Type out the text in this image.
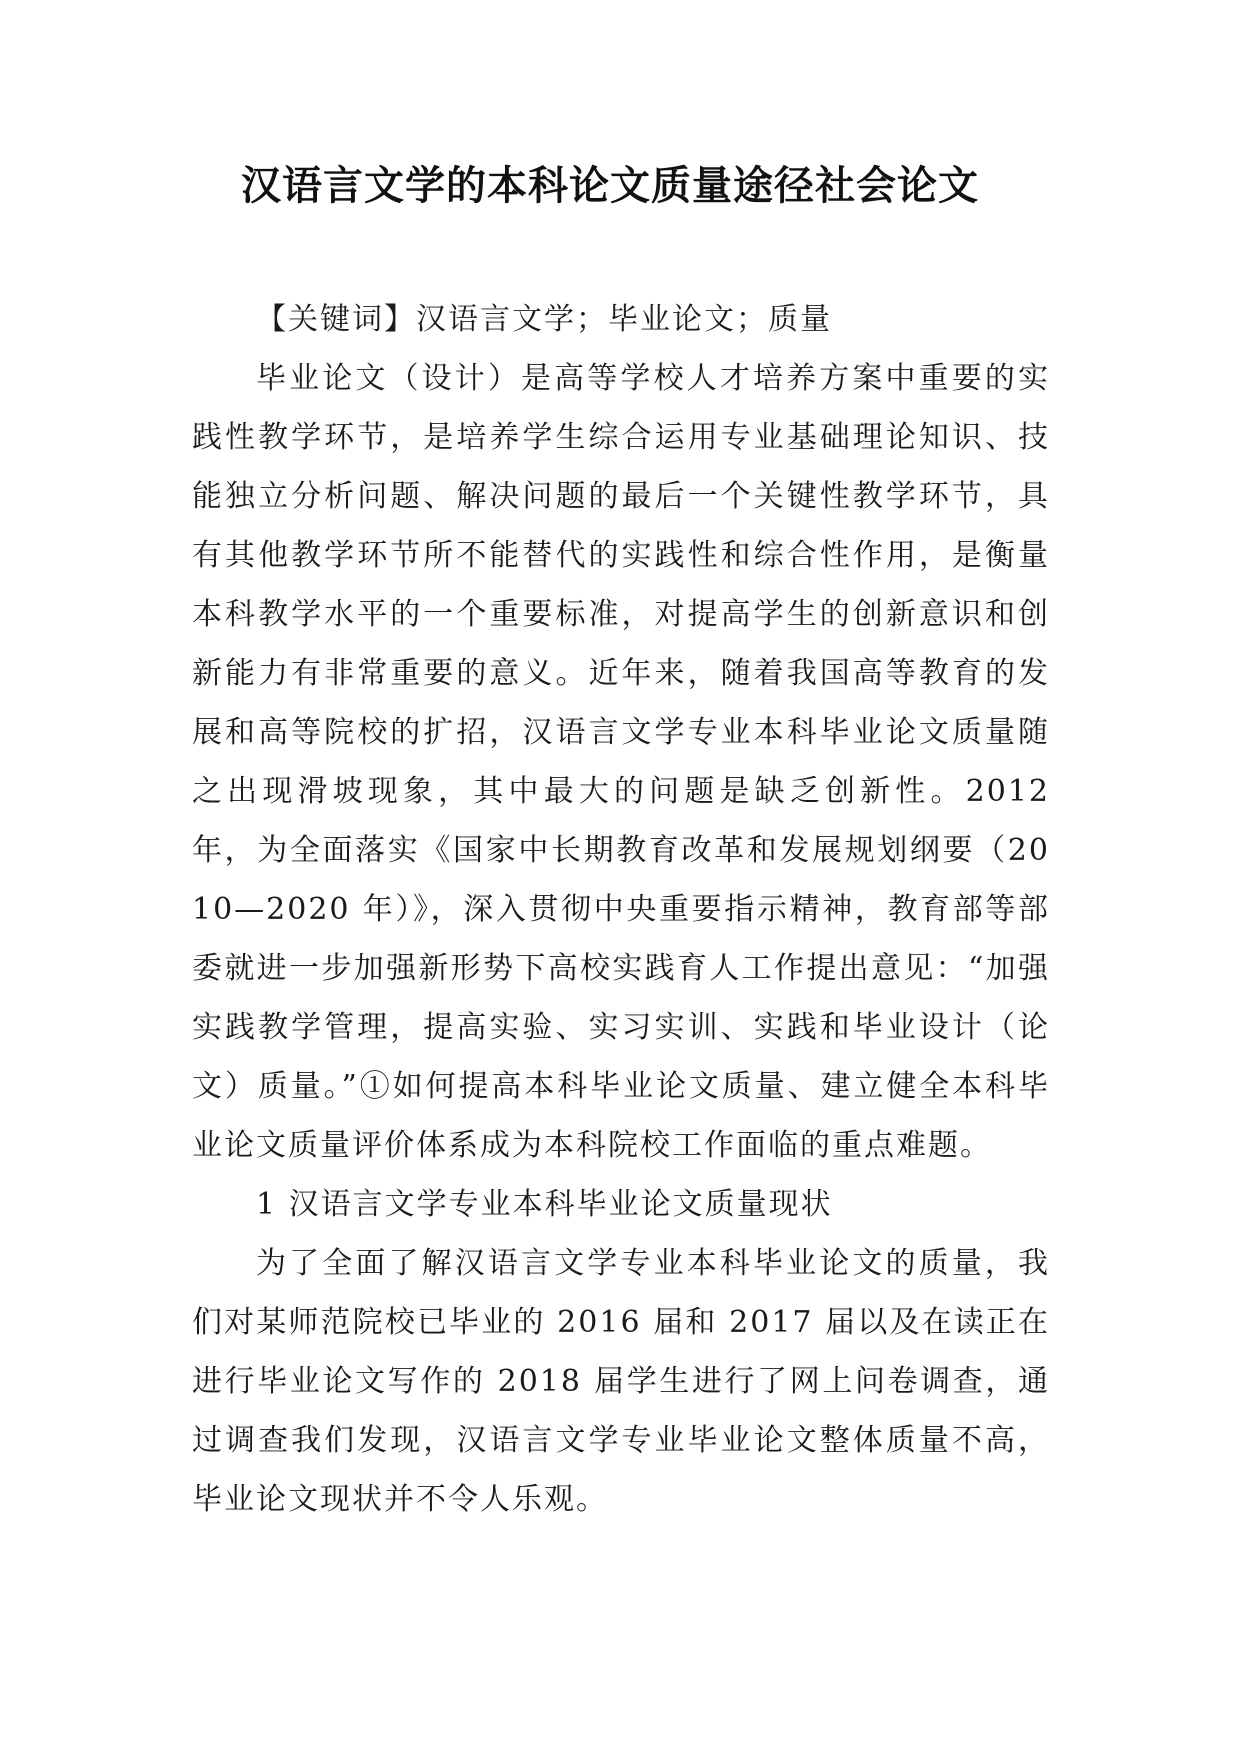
汉语言文学的本科论文质量途径社会论文

【关键词】汉语言文学；毕业论文；质量

毕业论文（设计）是高等学校人才培养方案中重要的实践性教学环节，是培养学生综合运用专业基础理论知识、技能独立分析问题、解决问题的最后一个关键性教学环节，具有其他教学环节所不能替代的实践性和综合性作用，是衡量本科教学水平的一个重要标准，对提高学生的创新意识和创新能力有非常重要的意义。近年来，随着我国高等教育的发展和高等院校的扩招，汉语言文学专业本科毕业论文质量随之出现滑坡现象，其中最大的问题是缺乏创新性。2012 年，为全面落实《国家中长期教育改革和发展规划纲要（2010—2020 年）》，深入贯彻中央重要指示精神，教育部等部委就进一步加强新形势下高校实践育人工作提出意见：“加强实践教学管理，提高实验、实习实训、实践和毕业设计（论文）质量。”①如何提高本科毕业论文质量、建立健全本科毕业论文质量评价体系成为本科院校工作面临的重点难题。

1 汉语言文学专业本科毕业论文质量现状

为了全面了解汉语言文学专业本科毕业论文的质量，我们对某师范院校已毕业的 2016 届和 2017 届以及在读正在进行毕业论文写作的 2018 届学生进行了网上问卷调查，通过调查我们发现，汉语言文学专业毕业论文整体质量不高，毕业论文现状并不令人乐观。
